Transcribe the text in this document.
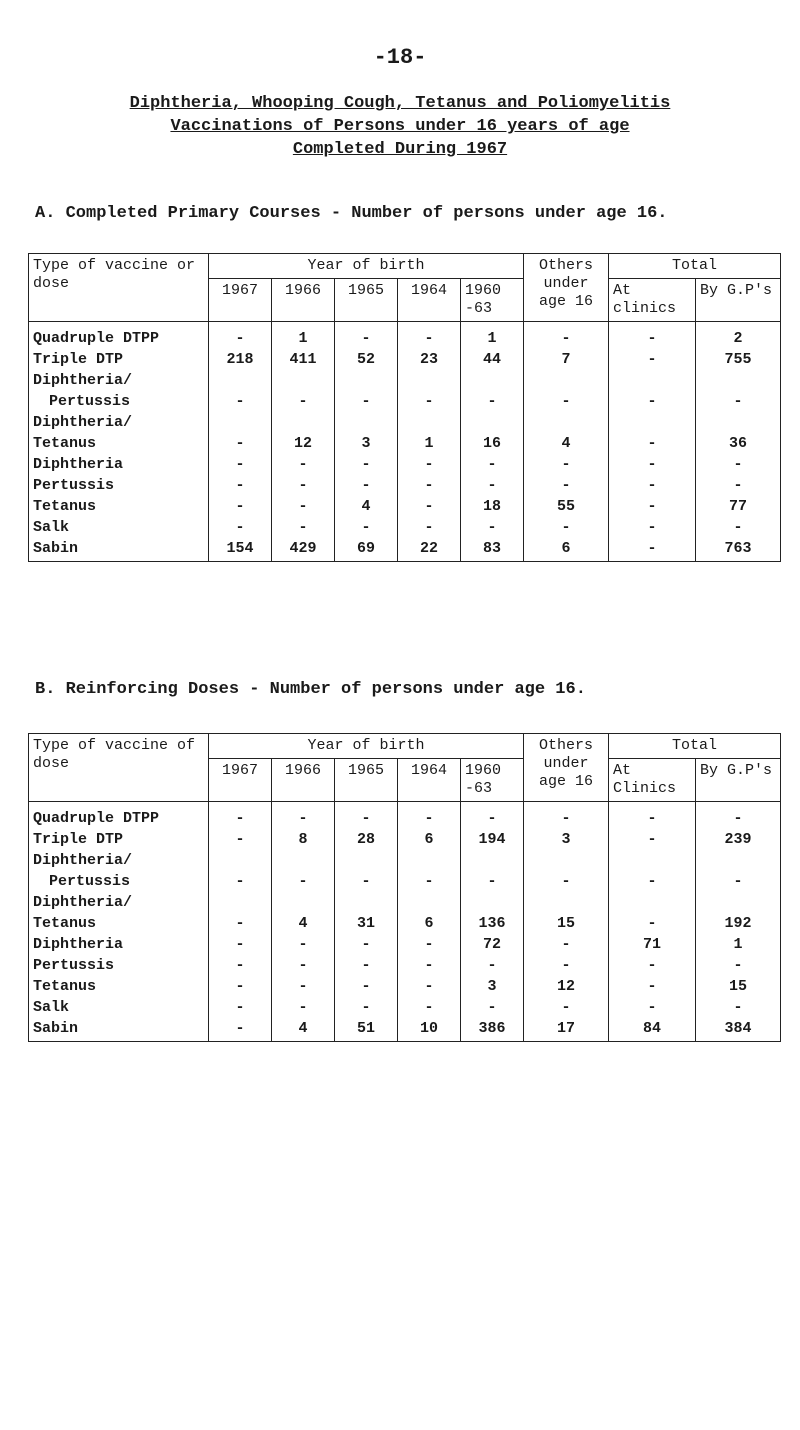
-18-
Diphtheria, Whooping Cough, Tetanus and Poliomyelitis
Vaccinations of Persons under 16 years of age
Completed During 1967
A. Completed Primary Courses - Number of persons under age 16.
Type of vaccine or dose	Year of birth					Others under age 16	Total	
	1967	1966	1965	1964	1960 -63		At clinics	By G.P's
Quadruple DTPP	-	1	-	-	1	-	-	2
Triple DTP	218	411	52	23	44	7	-	755
Diphtheria/								
Pertussis	-	-	-	-	-	-	-	-
Diphtheria/								
Tetanus	-	12	3	1	16	4	-	36
Diphtheria	-	-	-	-	-	-	-	-
Pertussis	-	-	-	-	-	-	-	-
Tetanus	-	-	4	-	18	55	-	77
Salk	-	-	-	-	-	-	-	-
Sabin	154	429	69	22	83	6	-	763
B. Reinforcing Doses - Number of persons under age 16.
Type of vaccine of dose	Year of birth					Others under age 16	Total	
	1967	1966	1965	1964	1960 -63		At Clinics	By G.P's
Quadruple DTPP	-	-	-	-	-	-	-	-
Triple DTP	-	8	28	6	194	3	-	239
Diphtheria/								
Pertussis	-	-	-	-	-	-	-	-
Diphtheria/								
Tetanus	-	4	31	6	136	15	-	192
Diphtheria	-	-	-	-	72	-	71	1
Pertussis	-	-	-	-	-	-	-	-
Tetanus	-	-	-	-	3	12	-	15
Salk	-	-	-	-	-	-	-	-
Sabin	-	4	51	10	386	17	84	384
